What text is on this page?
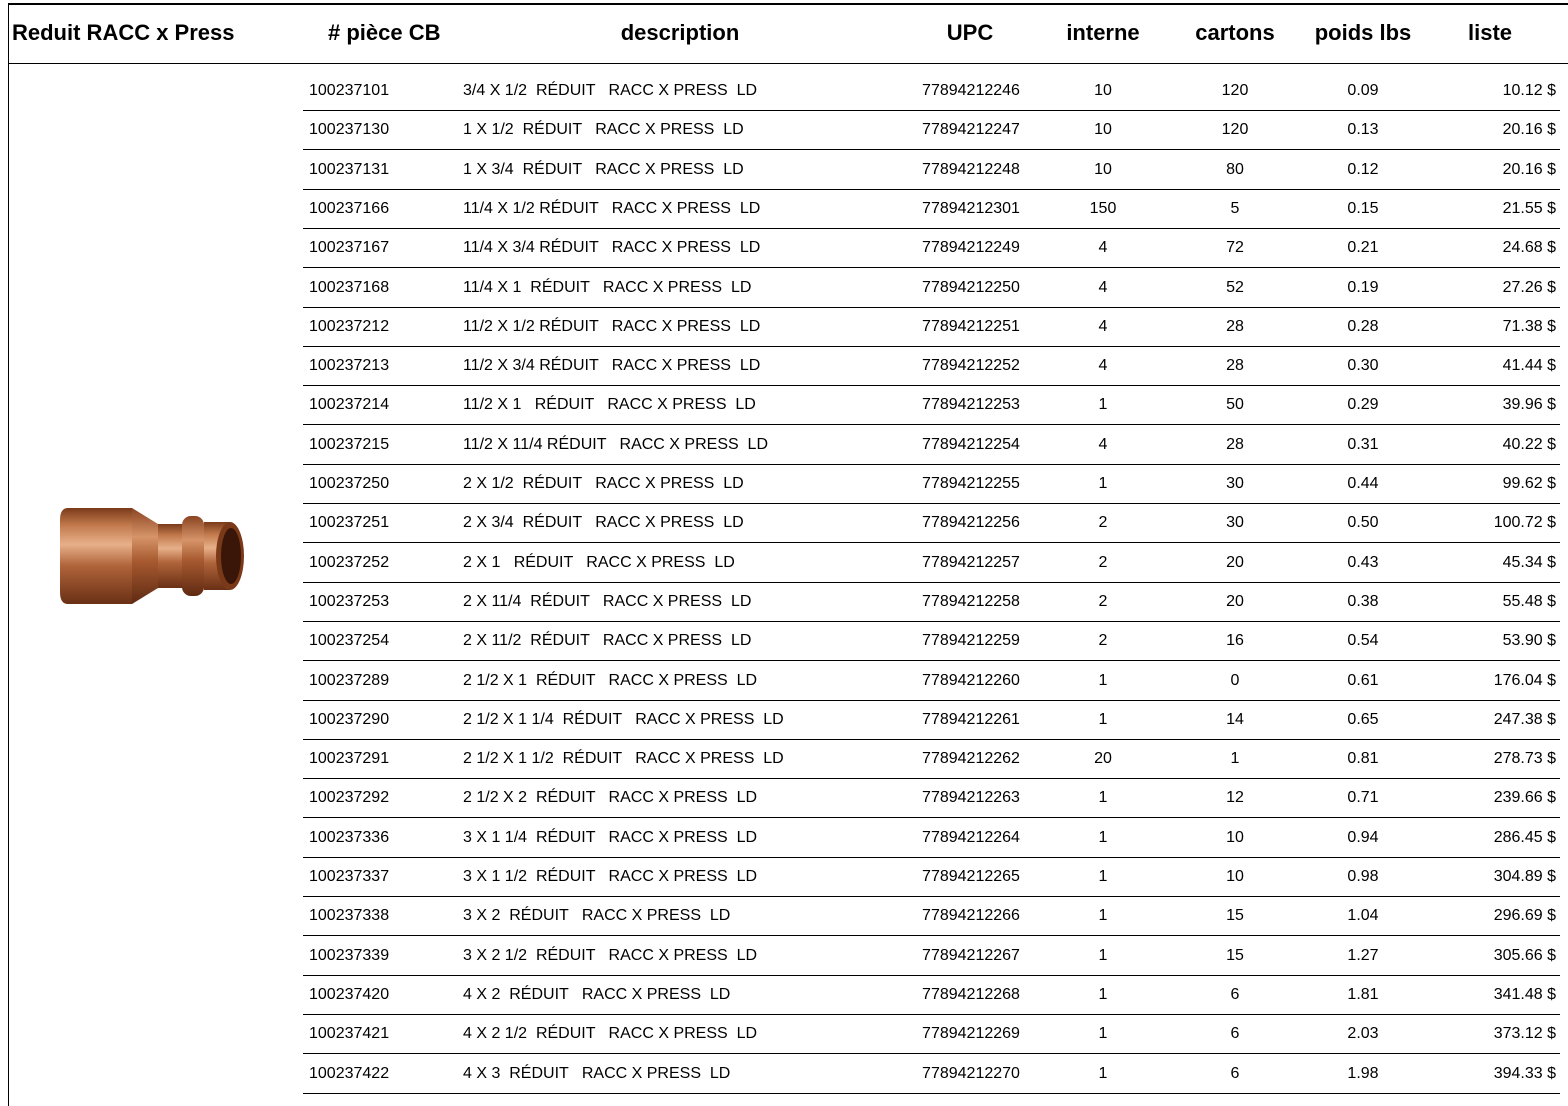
Reduit RACC x Press	# pièce CB	description	UPC	interne	cartons	poids lbs	liste
100237101	3/4 X 1/2  RÉDUIT   RACC X PRESS  LD	77894212246	10	120	0.09	10.12 $
100237130	1 X 1/2  RÉDUIT   RACC X PRESS  LD	77894212247	10	120	0.13	20.16 $
100237131	1 X 3/4  RÉDUIT   RACC X PRESS  LD	77894212248	10	80	0.12	20.16 $
100237166	11/4 X 1/2 RÉDUIT   RACC X PRESS  LD	77894212301	150	5	0.15	21.55 $
100237167	11/4 X 3/4 RÉDUIT   RACC X PRESS  LD	77894212249	4	72	0.21	24.68 $
100237168	11/4 X 1  RÉDUIT   RACC X PRESS  LD	77894212250	4	52	0.19	27.26 $
100237212	11/2 X 1/2 RÉDUIT   RACC X PRESS  LD	77894212251	4	28	0.28	71.38 $
100237213	11/2 X 3/4 RÉDUIT   RACC X PRESS  LD	77894212252	4	28	0.30	41.44 $
100237214	11/2 X 1   RÉDUIT   RACC X PRESS  LD	77894212253	1	50	0.29	39.96 $
100237215	11/2 X 11/4 RÉDUIT   RACC X PRESS  LD	77894212254	4	28	0.31	40.22 $
100237250	2 X 1/2  RÉDUIT   RACC X PRESS  LD	77894212255	1	30	0.44	99.62 $
100237251	2 X 3/4  RÉDUIT   RACC X PRESS  LD	77894212256	2	30	0.50	100.72 $
100237252	2 X 1   RÉDUIT   RACC X PRESS  LD	77894212257	2	20	0.43	45.34 $
100237253	2 X 11/4  RÉDUIT   RACC X PRESS  LD	77894212258	2	20	0.38	55.48 $
100237254	2 X 11/2  RÉDUIT   RACC X PRESS  LD	77894212259	2	16	0.54	53.90 $
100237289	2 1/2 X 1  RÉDUIT   RACC X PRESS  LD	77894212260	1	0	0.61	176.04 $
100237290	2 1/2 X 1 1/4  RÉDUIT   RACC X PRESS  LD	77894212261	1	14	0.65	247.38 $
100237291	2 1/2 X 1 1/2  RÉDUIT   RACC X PRESS  LD	77894212262	20	1	0.81	278.73 $
100237292	2 1/2 X 2  RÉDUIT   RACC X PRESS  LD	77894212263	1	12	0.71	239.66 $
100237336	3 X 1 1/4  RÉDUIT   RACC X PRESS  LD	77894212264	1	10	0.94	286.45 $
100237337	3 X 1 1/2  RÉDUIT   RACC X PRESS  LD	77894212265	1	10	0.98	304.89 $
100237338	3 X 2  RÉDUIT   RACC X PRESS  LD	77894212266	1	15	1.04	296.69 $
100237339	3 X 2 1/2  RÉDUIT   RACC X PRESS  LD	77894212267	1	15	1.27	305.66 $
100237420	4 X 2  RÉDUIT   RACC X PRESS  LD	77894212268	1	6	1.81	341.48 $
100237421	4 X 2 1/2  RÉDUIT   RACC X PRESS  LD	77894212269	1	6	2.03	373.12 $
100237422	4 X 3  RÉDUIT   RACC X PRESS  LD	77894212270	1	6	1.98	394.33 $
